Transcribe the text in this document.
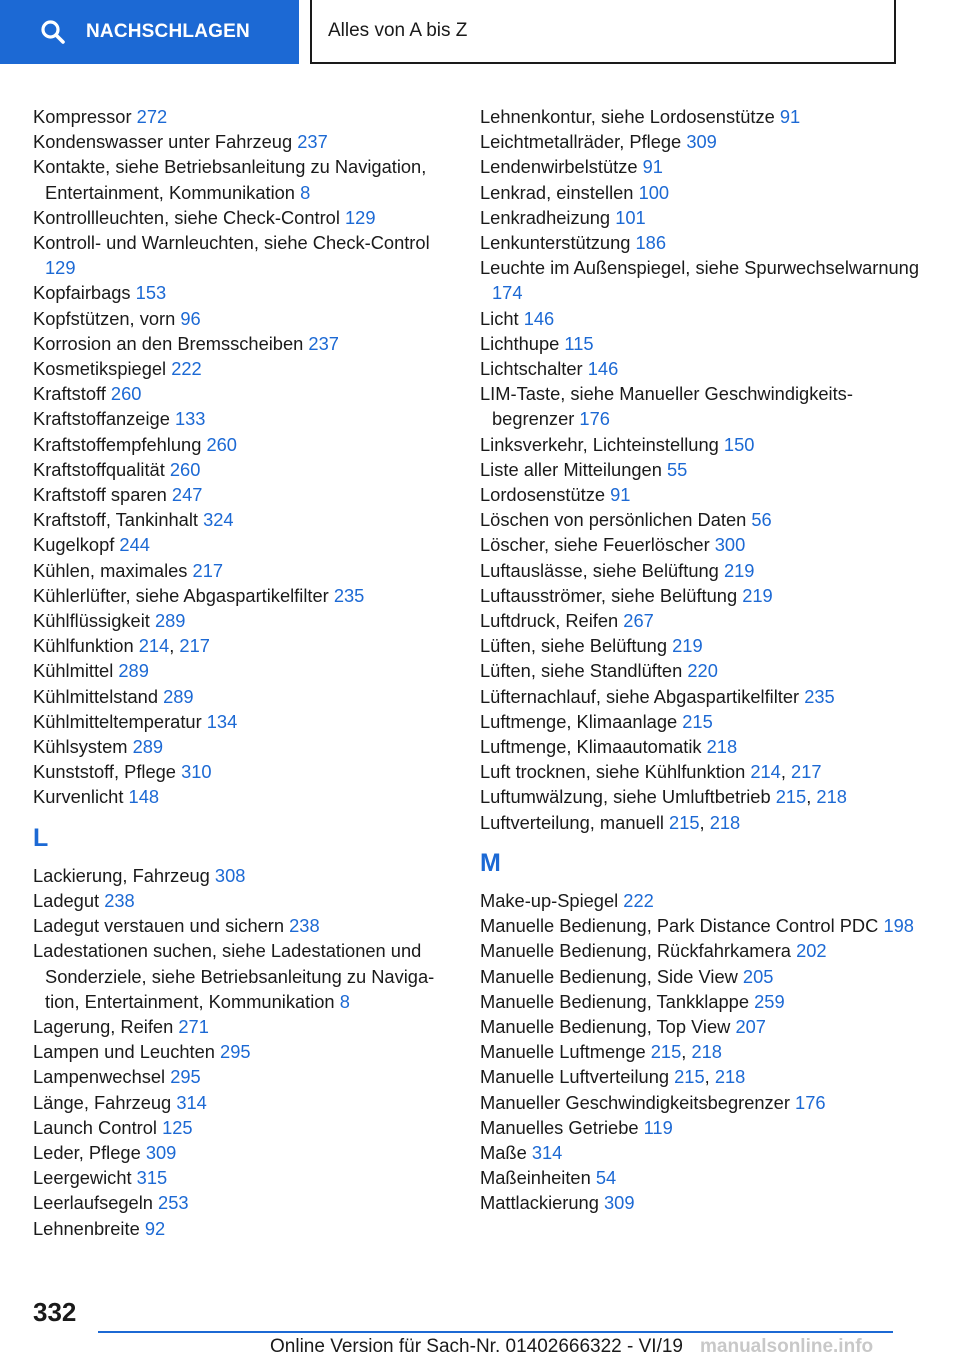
NACHSCHLAGEN	Alles von A bis Z
Kompressor 272
Kondenswasser unter Fahrzeug 237
Kontakte, siehe Betriebsanleitung zu Navigation, Entertainment, Kommunikation 8
Kontrollleuchten, siehe Check-Control 129
Kontroll- und Warnleuchten, siehe Check-Control 129
Kopfairbags 153
Kopfstützen, vorn 96
Korrosion an den Bremsscheiben 237
Kosmetikspiegel 222
Kraftstoff 260
Kraftstoffanzeige 133
Kraftstoffempfehlung 260
Kraftstoffqualität 260
Kraftstoff sparen 247
Kraftstoff, Tankinhalt 324
Kugelkopf 244
Kühlen, maximales 217
Kühlerlüfter, siehe Abgaspartikelfilter 235
Kühlflüssigkeit 289
Kühlfunktion 214, 217
Kühlmittel 289
Kühlmittelstand 289
Kühlmitteltemperatur 134
Kühlsystem 289
Kunststoff, Pflege 310
Kurvenlicht 148
L
Lackierung, Fahrzeug 308
Ladegut 238
Ladegut verstauen und sichern 238
Ladestationen suchen, siehe Ladestationen und Sonderziele, siehe Betriebsanleitung zu Navigation, Entertainment, Kommunikation 8
Lagerung, Reifen 271
Lampen und Leuchten 295
Lampenwechsel 295
Länge, Fahrzeug 314
Launch Control 125
Leder, Pflege 309
Leergewicht 315
Leerlaufsegeln 253
Lehnenbreite 92
Lehnenkontur, siehe Lordosenstütze 91
Leichtmetallräder, Pflege 309
Lendenwirbelstütze 91
Lenkrad, einstellen 100
Lenkradheizung 101
Lenkunterstützung 186
Leuchte im Außenspiegel, siehe Spurwechselwarnung 174
Licht 146
Lichthupe 115
Lichtschalter 146
LIM-Taste, siehe Manueller Geschwindigkeitsbegrenzer 176
Linksverkehr, Lichteinstellung 150
Liste aller Mitteilungen 55
Lordosenstütze 91
Löschen von persönlichen Daten 56
Löscher, siehe Feuerlöscher 300
Luftauslässe, siehe Belüftung 219
Luftausströmer, siehe Belüftung 219
Luftdruck, Reifen 267
Lüften, siehe Belüftung 219
Lüften, siehe Standlüften 220
Lüfternachlauf, siehe Abgaspartikelfilter 235
Luftmenge, Klimaanlage 215
Luftmenge, Klimaautomatik 218
Luft trocknen, siehe Kühlfunktion 214, 217
Luftumwälzung, siehe Umluftbetrieb 215, 218
Luftverteilung, manuell 215, 218
M
Make-up-Spiegel 222
Manuelle Bedienung, Park Distance Control PDC 198
Manuelle Bedienung, Rückfahrkamera 202
Manuelle Bedienung, Side View 205
Manuelle Bedienung, Tankklappe 259
Manuelle Bedienung, Top View 207
Manuelle Luftmenge 215, 218
Manuelle Luftverteilung 215, 218
Manueller Geschwindigkeitsbegrenzer 176
Manuelles Getriebe 119
Maße 314
Maßeinheiten 54
Mattlackierung 309
332
Online Version für Sach-Nr. 01402666322 - VI/19 manualsonline.info
